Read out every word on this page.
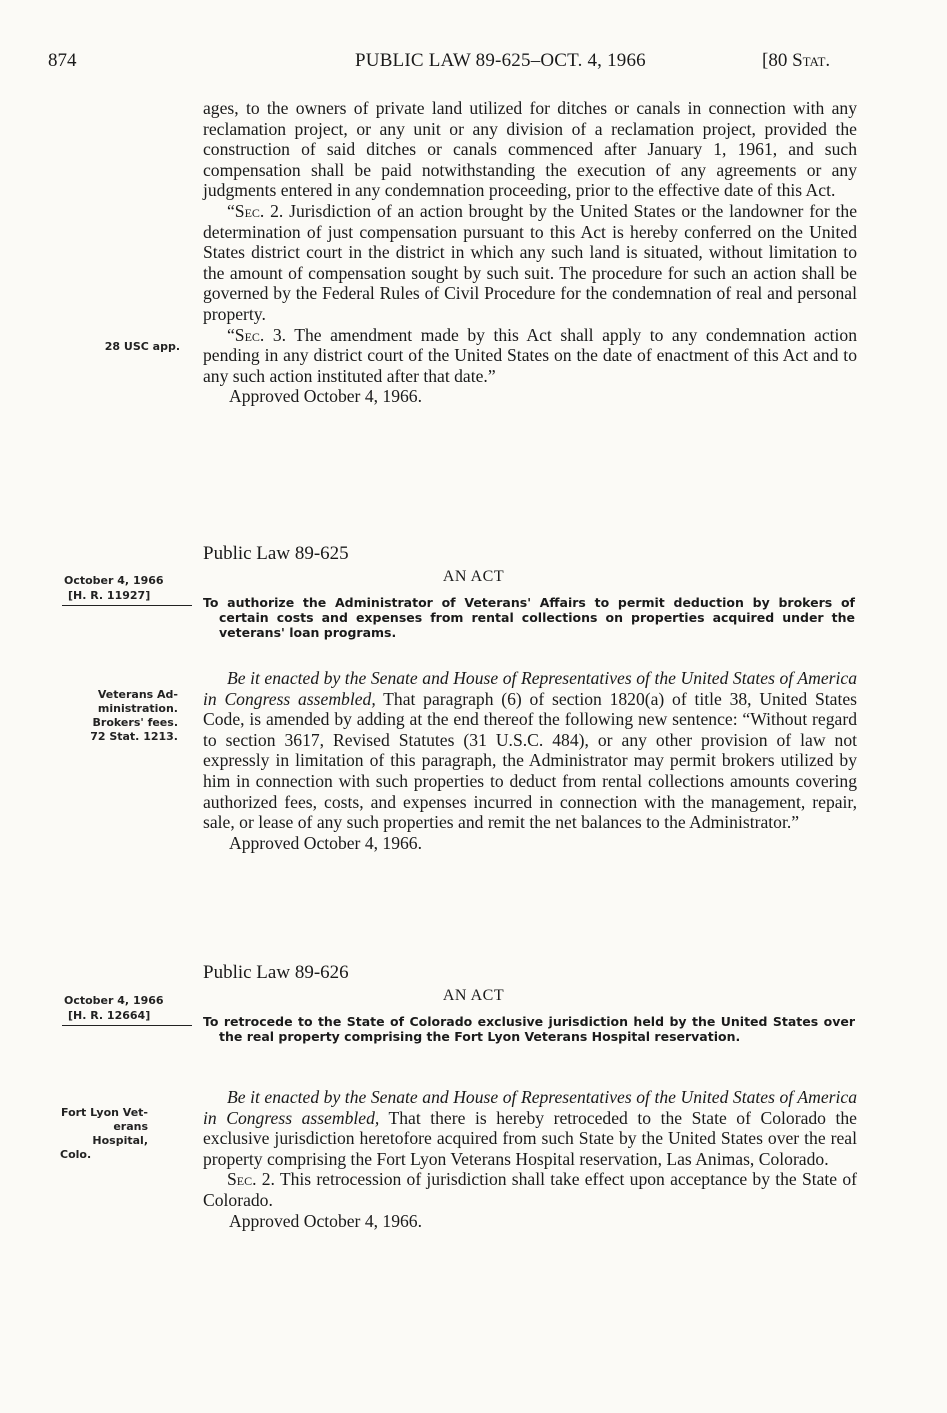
874	PUBLIC LAW 89-625–OCT. 4, 1966	[80 Stat.

ages, to the owners of private land utilized for ditches or canals in connection with any reclamation project, or any unit or any division of a reclamation project, provided the construction of said ditches or canals commenced after January 1, 1961, and such compensation shall be paid notwithstanding the execution of any agreements or any judgments entered in any condemnation proceeding, prior to the effective date of this Act.

“Sec. 2. Jurisdiction of an action brought by the United States or the landowner for the determination of just compensation pursuant to this Act is hereby conferred on the United States district court in the district in which any such land is situated, without limitation to the amount of compensation sought by such suit. The procedure for such an action shall be governed by the Federal Rules of Civil Procedure for the condemnation of real and personal property.

“Sec. 3. The amendment made by this Act shall apply to any condemnation action pending in any district court of the United States on the date of enactment of this Act and to any such action instituted after that date.”

Approved October 4, 1966.

28 USC app.
Public Law 89-625
AN ACT
October 4, 1966
[H. R. 11927]	To authorize the Administrator of Veterans' Affairs to permit deduction by brokers of certain costs and expenses from rental collections on properties acquired under the veterans' loan programs.
Veterans Ad-
ministration.
Brokers' fees.
72 Stat. 1213.

Be it enacted by the Senate and House of Representatives of the United States of America in Congress assembled, That paragraph (6) of section 1820(a) of title 38, United States Code, is amended by adding at the end thereof the following new sentence: “Without regard to section 3617, Revised Statutes (31 U.S.C. 484), or any other provision of law not expressly in limitation of this paragraph, the Administrator may permit brokers utilized by him in connection with such properties to deduct from rental collections amounts covering authorized fees, costs, and expenses incurred in connection with the management, repair, sale, or lease of any such properties and remit the net balances to the Administrator.”

Approved October 4, 1966.

Public Law 89-626
AN ACT
October 4, 1966
[H. R. 12664]	To retrocede to the State of Colorado exclusive jurisdiction held by the United States over the real property comprising the Fort Lyon Veterans Hospital reservation.
Fort Lyon Vet-
erans Hospital,
Colo.

Be it enacted by the Senate and House of Representatives of the United States of America in Congress assembled, That there is hereby retroceded to the State of Colorado the exclusive jurisdiction heretofore acquired from such State by the United States over the real property comprising the Fort Lyon Veterans Hospital reservation, Las Animas, Colorado.

Sec. 2. This retrocession of jurisdiction shall take effect upon acceptance by the State of Colorado.

Approved October 4, 1966.
